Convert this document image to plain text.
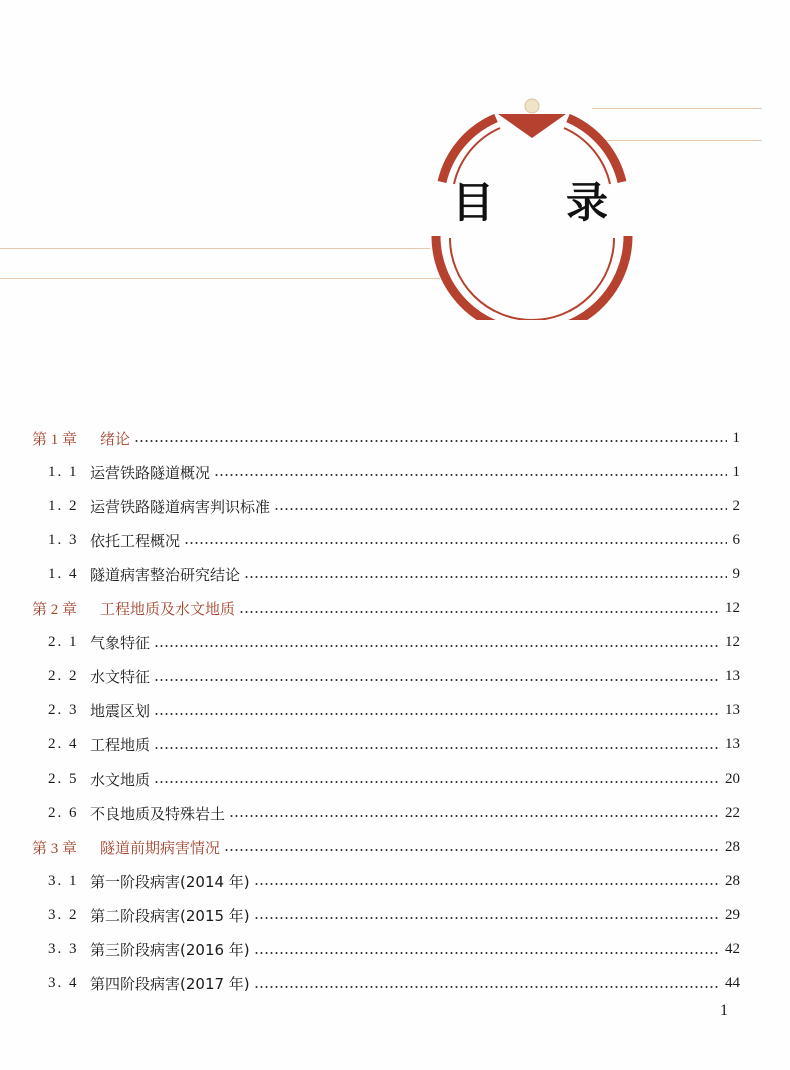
目 录
第 1 章 绪论	1
1. 1 运营铁路隧道概况	1
1. 2 运营铁路隧道病害判识标准	2
1. 3 依托工程概况	6
1. 4 隧道病害整治研究结论	9
第 2 章 工程地质及水文地质	12
2. 1 气象特征	12
2. 2 水文特征	13
2. 3 地震区划	13
2. 4 工程地质	13
2. 5 水文地质	20
2. 6 不良地质及特殊岩土	22
第 3 章 隧道前期病害情况	28
3. 1 第一阶段病害(2014 年)	28
3. 2 第二阶段病害(2015 年)	29
3. 3 第三阶段病害(2016 年)	42
3. 4 第四阶段病害(2017 年)	44
1
